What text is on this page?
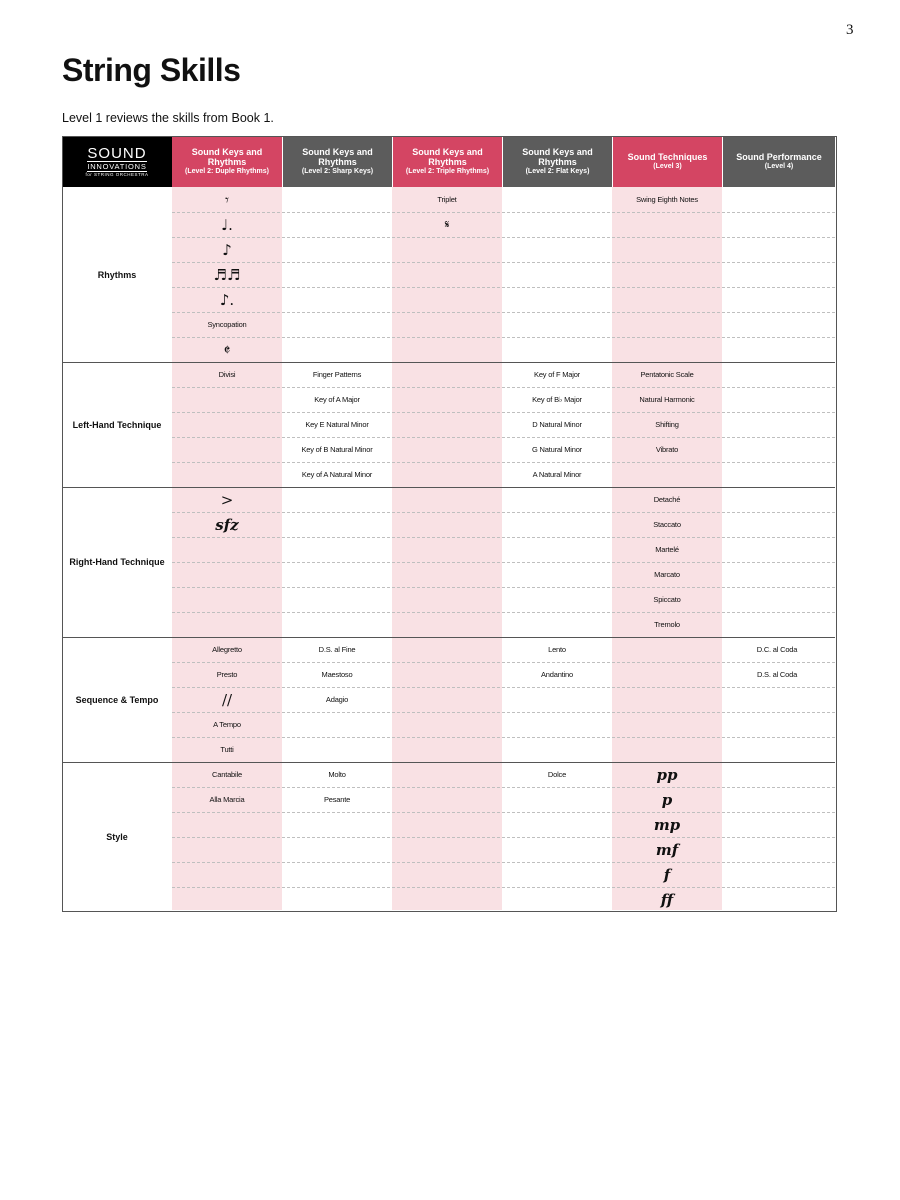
3
String Skills
Level 1 reviews the skills from Book 1.
SOUND
INNOVATIONS
for STRING ORCHESTRA
Sound Keys and Rhythms
(Level 2: Duple Rhythms)
Sound Keys and Rhythms
(Level 2: Sharp Keys)
Sound Keys and Rhythms
(Level 2: Triple Rhythms)
Sound Keys and Rhythms
(Level 2: Flat Keys)
Sound Techniques
(Level 3)
Sound Performance
(Level 4)
Rhythms
𝄾
♩.
♪
♬♬
♪.
Syncopation
𝄵
Triplet
𝄋
Swing Eighth Notes
Left-Hand Technique
Divisi	Finger Patterns
Key of A Major
Key E Natural Minor
Key of B Natural Minor
Key of A Natural Minor
Key of F Major
Key of B♭ Major
D Natural Minor
G Natural Minor
A Natural Minor
Pentatonic Scale
Natural Harmonic
Shifting
Vibrato
Right-Hand Technique
>
sfz
Detaché
Staccato
Martelé
Marcato
Spiccato
Tremolo
Sequence & Tempo
Allegretto
Presto
//
A Tempo
Tutti
D.S. al Fine
Maestoso
Adagio
Lento
Andantino
D.C. al Coda
D.S. al Coda
Style
Cantabile
Alla Marcia
Molto
Pesante
Dolce	pp
p
mp
mf
f
ff
